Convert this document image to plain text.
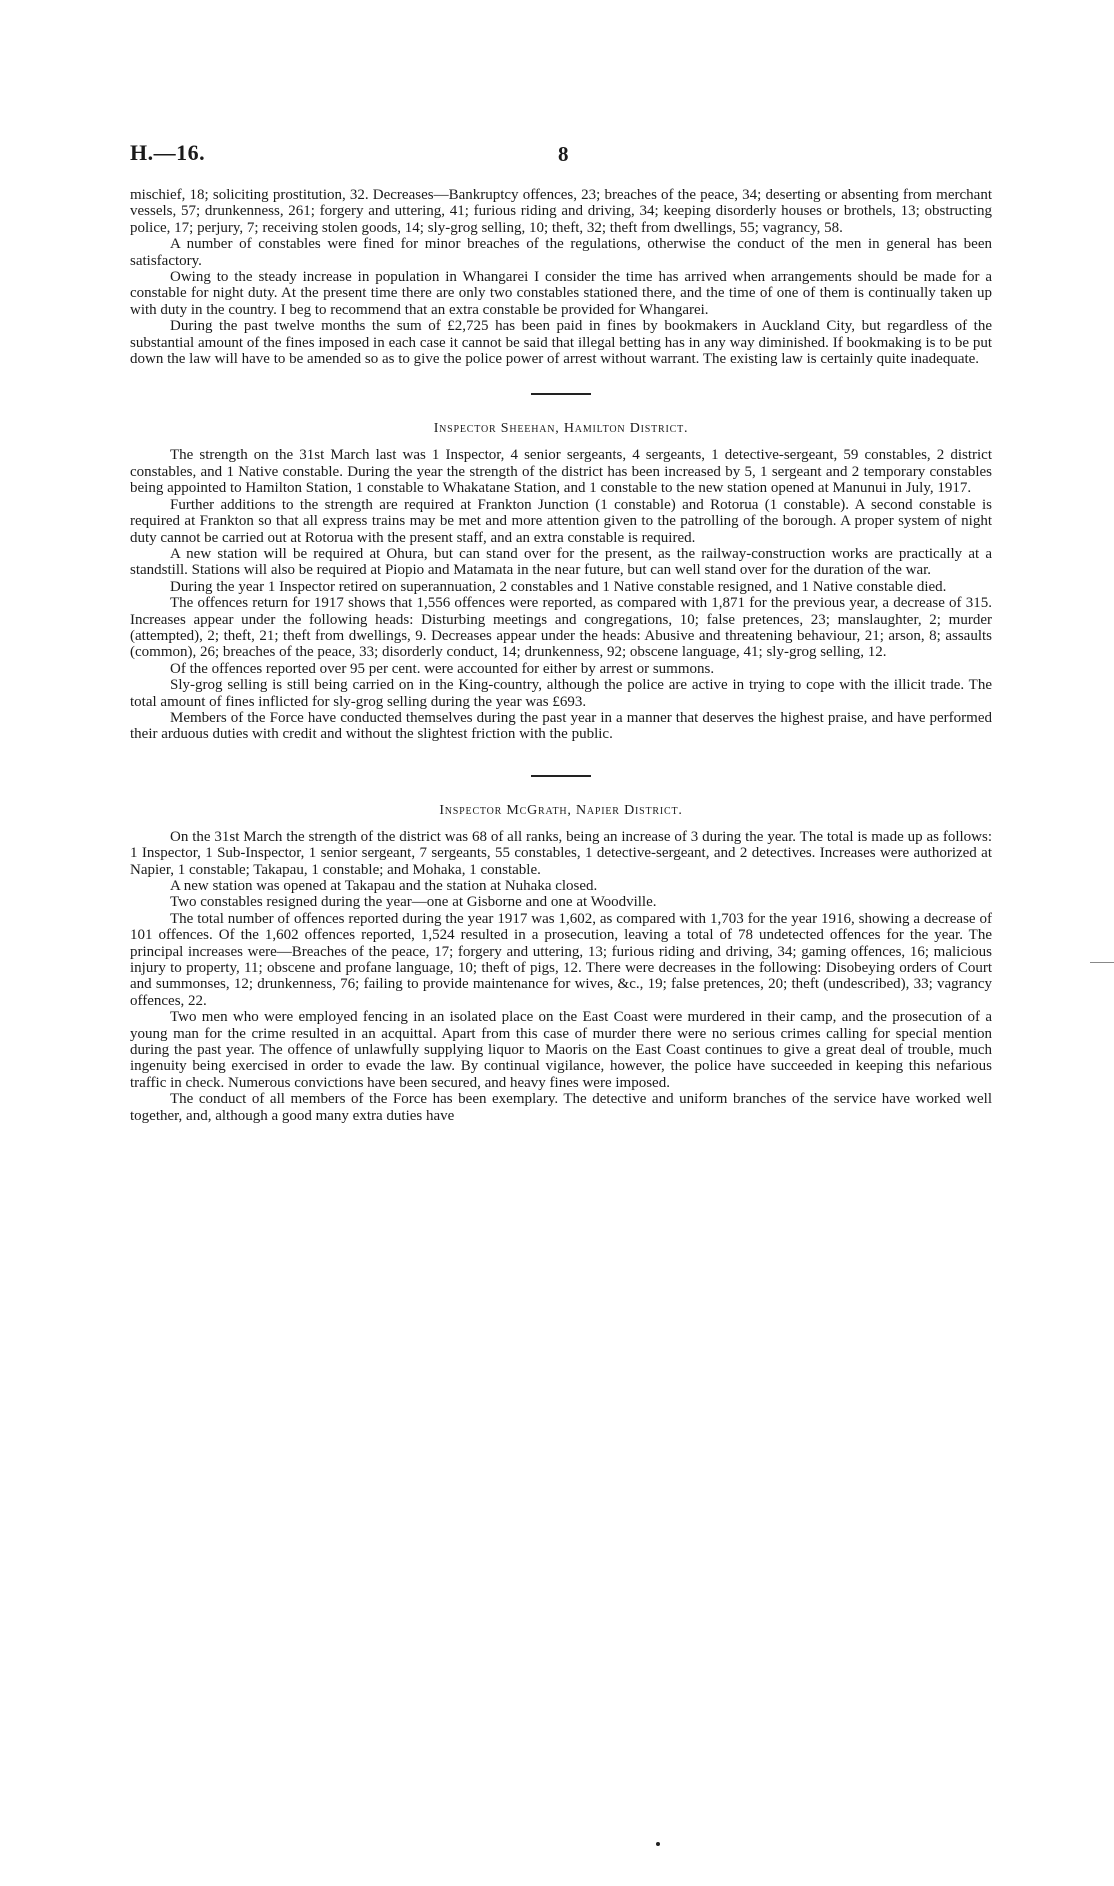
H.—16.	8

mischief, 18; soliciting prostitution, 32. Decreases—Bankruptcy offences, 23; breaches of the peace, 34; deserting or absenting from merchant vessels, 57; drunkenness, 261; forgery and uttering, 41; furious riding and driving, 34; keeping disorderly houses or brothels, 13; obstructing police, 17; perjury, 7; receiving stolen goods, 14; sly-grog selling, 10; theft, 32; theft from dwellings, 55; vagrancy, 58.

A number of constables were fined for minor breaches of the regulations, otherwise the conduct of the men in general has been satisfactory.

Owing to the steady increase in population in Whangarei I consider the time has arrived when arrangements should be made for a constable for night duty. At the present time there are only two constables stationed there, and the time of one of them is continually taken up with duty in the country. I beg to recommend that an extra constable be provided for Whangarei.

During the past twelve months the sum of £2,725 has been paid in fines by bookmakers in Auckland City, but regardless of the substantial amount of the fines imposed in each case it cannot be said that illegal betting has in any way diminished. If bookmaking is to be put down the law will have to be amended so as to give the police power of arrest without warrant. The existing law is certainly quite inadequate.

Inspector Sheehan, Hamilton District.

The strength on the 31st March last was 1 Inspector, 4 senior sergeants, 4 sergeants, 1 detective-sergeant, 59 constables, 2 district constables, and 1 Native constable. During the year the strength of the district has been increased by 5, 1 sergeant and 2 temporary constables being appointed to Hamilton Station, 1 constable to Whakatane Station, and 1 constable to the new station opened at Manunui in July, 1917.

Further additions to the strength are required at Frankton Junction (1 constable) and Rotorua (1 constable). A second constable is required at Frankton so that all express trains may be met and more attention given to the patrolling of the borough. A proper system of night duty cannot be carried out at Rotorua with the present staff, and an extra constable is required.

A new station will be required at Ohura, but can stand over for the present, as the railway-construction works are practically at a standstill. Stations will also be required at Piopio and Matamata in the near future, but can well stand over for the duration of the war.

During the year 1 Inspector retired on superannuation, 2 constables and 1 Native constable resigned, and 1 Native constable died.

The offences return for 1917 shows that 1,556 offences were reported, as compared with 1,871 for the previous year, a decrease of 315. Increases appear under the following heads: Disturbing meetings and congregations, 10; false pretences, 23; manslaughter, 2; murder (attempted), 2; theft, 21; theft from dwellings, 9. Decreases appear under the heads: Abusive and threatening behaviour, 21; arson, 8; assaults (common), 26; breaches of the peace, 33; disorderly conduct, 14; drunkenness, 92; obscene language, 41; sly-grog selling, 12.

Of the offences reported over 95 per cent. were accounted for either by arrest or summons.

Sly-grog selling is still being carried on in the King-country, although the police are active in trying to cope with the illicit trade. The total amount of fines inflicted for sly-grog selling during the year was £693.

Members of the Force have conducted themselves during the past year in a manner that deserves the highest praise, and have performed their arduous duties with credit and without the slightest friction with the public.

Inspector McGrath, Napier District.

On the 31st March the strength of the district was 68 of all ranks, being an increase of 3 during the year. The total is made up as follows: 1 Inspector, 1 Sub-Inspector, 1 senior sergeant, 7 sergeants, 55 constables, 1 detective-sergeant, and 2 detectives. Increases were authorized at Napier, 1 constable; Takapau, 1 constable; and Mohaka, 1 constable.

A new station was opened at Takapau and the station at Nuhaka closed.

Two constables resigned during the year—one at Gisborne and one at Woodville.

The total number of offences reported during the year 1917 was 1,602, as compared with 1,703 for the year 1916, showing a decrease of 101 offences. Of the 1,602 offences reported, 1,524 resulted in a prosecution, leaving a total of 78 undetected offences for the year. The principal increases were—Breaches of the peace, 17; forgery and uttering, 13; furious riding and driving, 34; gaming offences, 16; malicious injury to property, 11; obscene and profane language, 10; theft of pigs, 12. There were decreases in the following: Disobeying orders of Court and summonses, 12; drunkenness, 76; failing to provide maintenance for wives, &c., 19; false pretences, 20; theft (undescribed), 33; vagrancy offences, 22.

Two men who were employed fencing in an isolated place on the East Coast were murdered in their camp, and the prosecution of a young man for the crime resulted in an acquittal. Apart from this case of murder there were no serious crimes calling for special mention during the past year. The offence of unlawfully supplying liquor to Maoris on the East Coast continues to give a great deal of trouble, much ingenuity being exercised in order to evade the law. By continual vigilance, however, the police have succeeded in keeping this nefarious traffic in check. Numerous convictions have been secured, and heavy fines were imposed.

The conduct of all members of the Force has been exemplary. The detective and uniform branches of the service have worked well together, and, although a good many extra duties have
